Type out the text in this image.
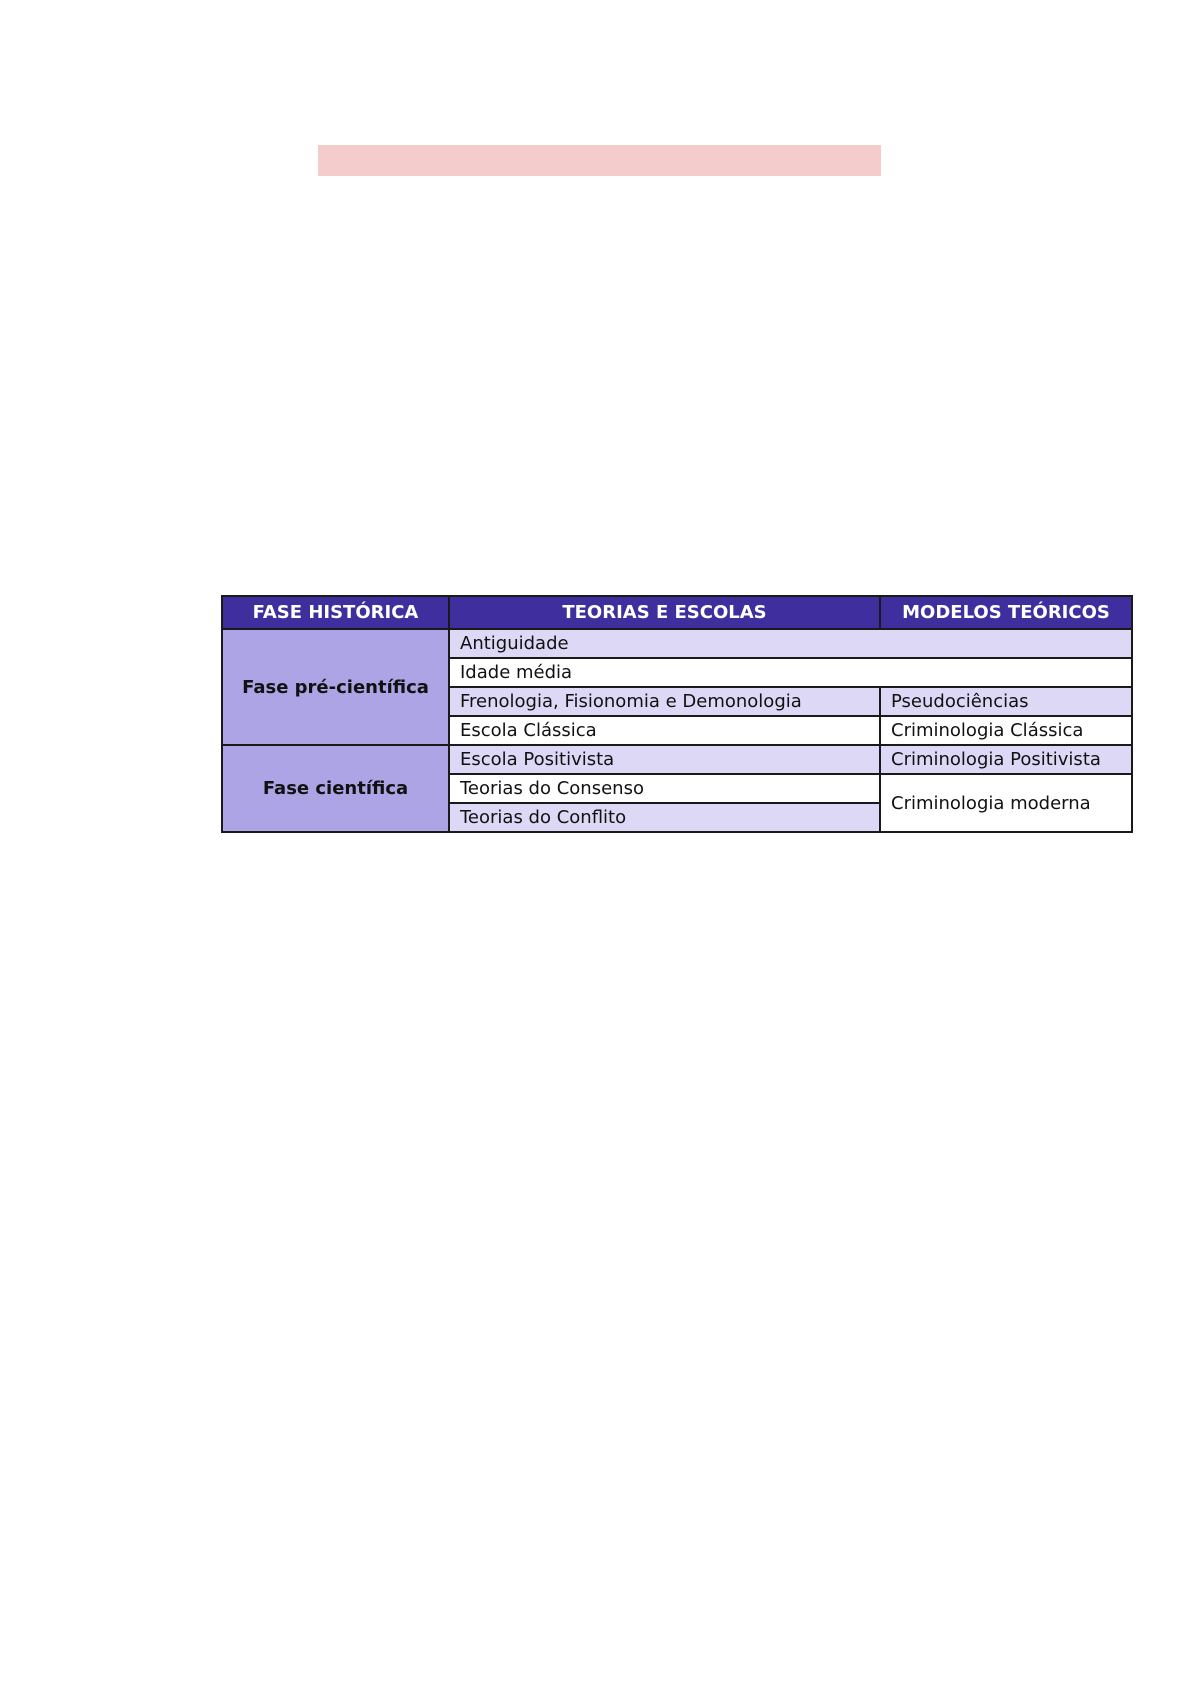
FASE HISTÓRICA	TEORIAS E ESCOLAS	MODELOS TEÓRICOS
Fase pré-científica	Antiguidade	
	Idade média	
	Frenologia, Fisionomia e Demonologia	Pseudociências
	Escola Clássica	Criminologia Clássica
Fase científica	Escola Positivista	Criminologia Positivista
	Teorias do Consenso	Criminologia moderna
	Teorias do Conflito	
